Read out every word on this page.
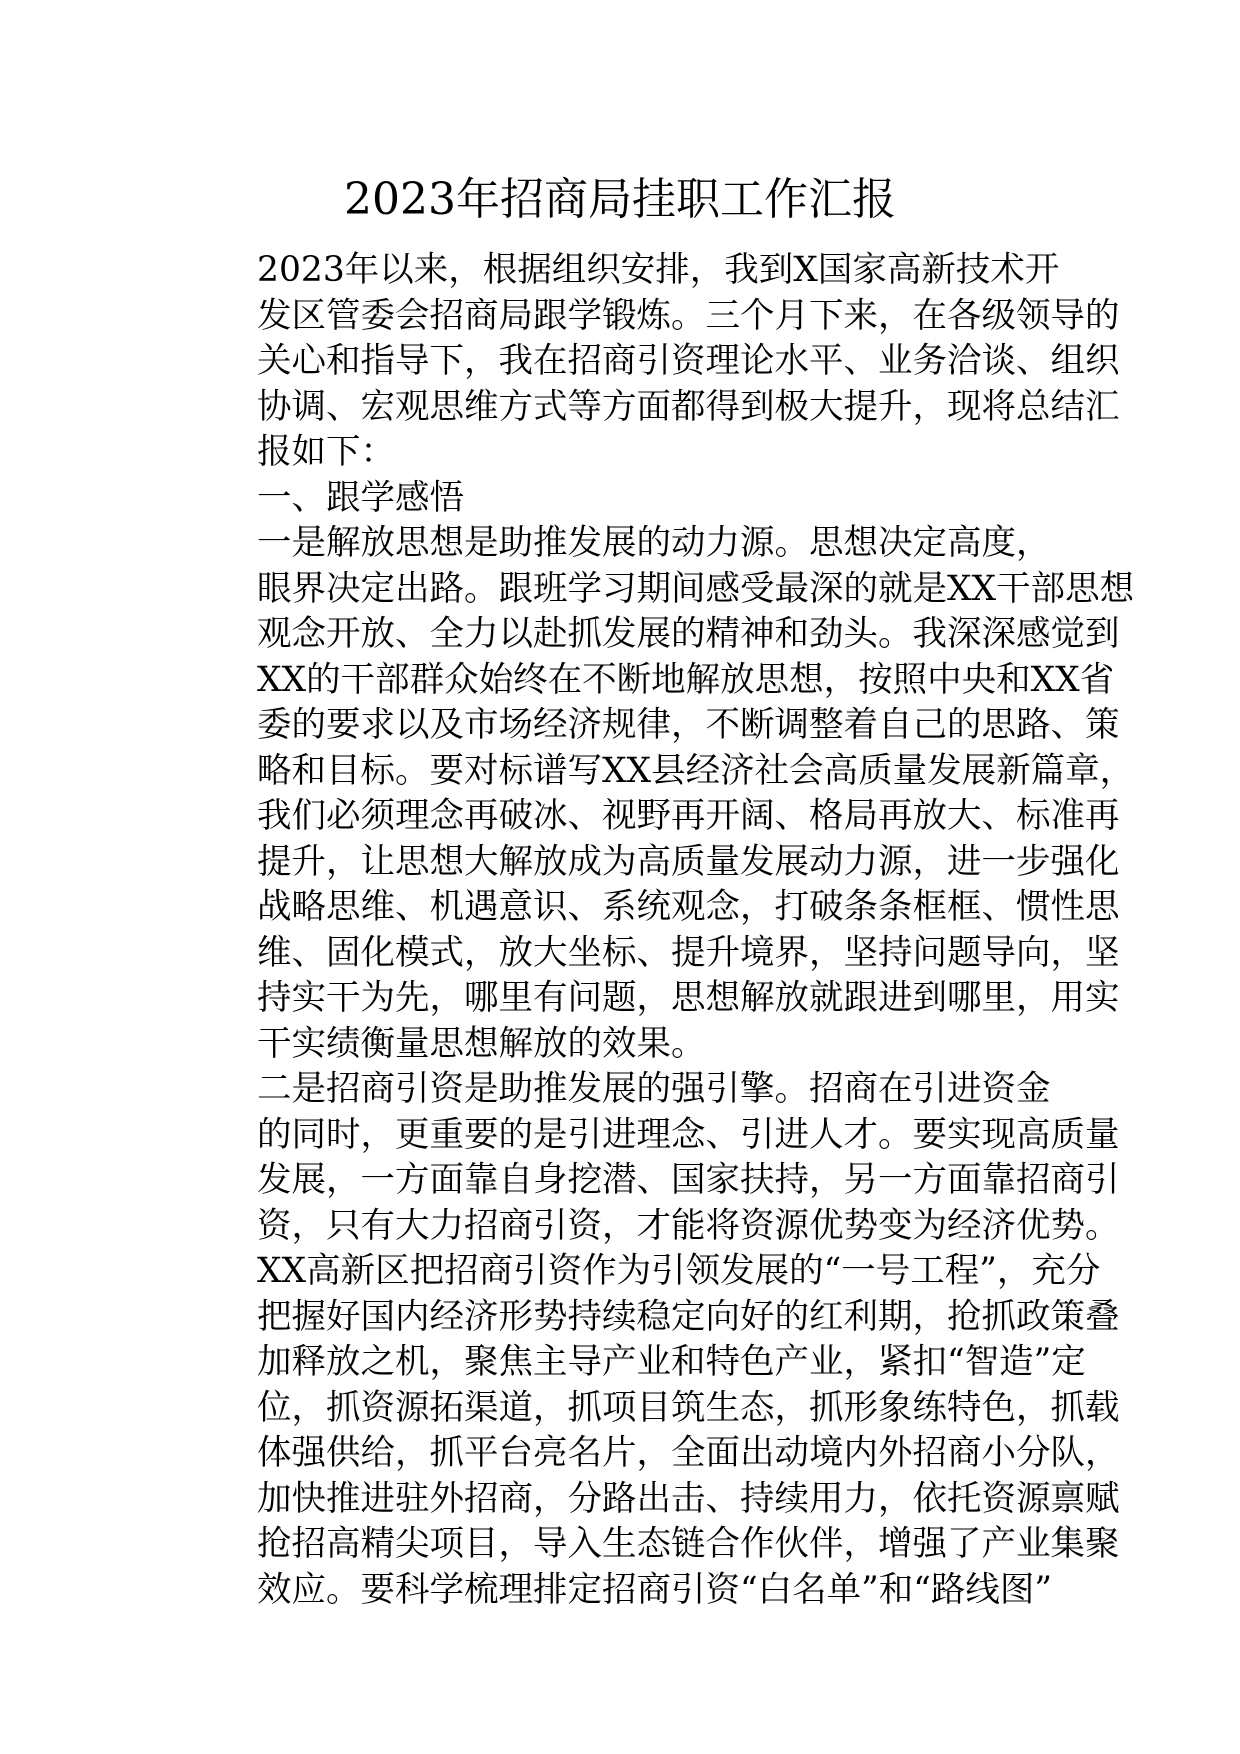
2023年招商局挂职工作汇报

2023年以来，根据组织安排，我到X国家高新技术开
发区管委会招商局跟学锻炼。三个月下来，在各级领导的
关心和指导下，我在招商引资理论水平、业务洽谈、组织
协调、宏观思维方式等方面都得到极大提升，现将总结汇
报如下：

一、跟学感悟

一是解放思想是助推发展的动力源。思想决定高度，
眼界决定出路。跟班学习期间感受最深的就是XX干部思想
观念开放、全力以赴抓发展的精神和劲头。我深深感觉到
XX的干部群众始终在不断地解放思想，按照中央和XX省
委的要求以及市场经济规律，不断调整着自己的思路、策
略和目标。要对标谱写XX县经济社会高质量发展新篇章，
我们必须理念再破冰、视野再开阔、格局再放大、标准再
提升，让思想大解放成为高质量发展动力源，进一步强化
战略思维、机遇意识、系统观念，打破条条框框、惯性思
维、固化模式，放大坐标、提升境界，坚持问题导向，坚
持实干为先，哪里有问题，思想解放就跟进到哪里，用实
干实绩衡量思想解放的效果。

二是招商引资是助推发展的强引擎。招商在引进资金
的同时，更重要的是引进理念、引进人才。要实现高质量
发展，一方面靠自身挖潜、国家扶持，另一方面靠招商引
资，只有大力招商引资，才能将资源优势变为经济优势。
XX高新区把招商引资作为引领发展的“一号工程”，充分
把握好国内经济形势持续稳定向好的红利期，抢抓政策叠
加释放之机，聚焦主导产业和特色产业，紧扣“智造”定
位，抓资源拓渠道，抓项目筑生态，抓形象练特色，抓载
体强供给，抓平台亮名片，全面出动境内外招商小分队，
加快推进驻外招商，分路出击、持续用力，依托资源禀赋
抢招高精尖项目，导入生态链合作伙伴，增强了产业集聚
效应。要科学梳理排定招商引资“白名单”和“路线图”
